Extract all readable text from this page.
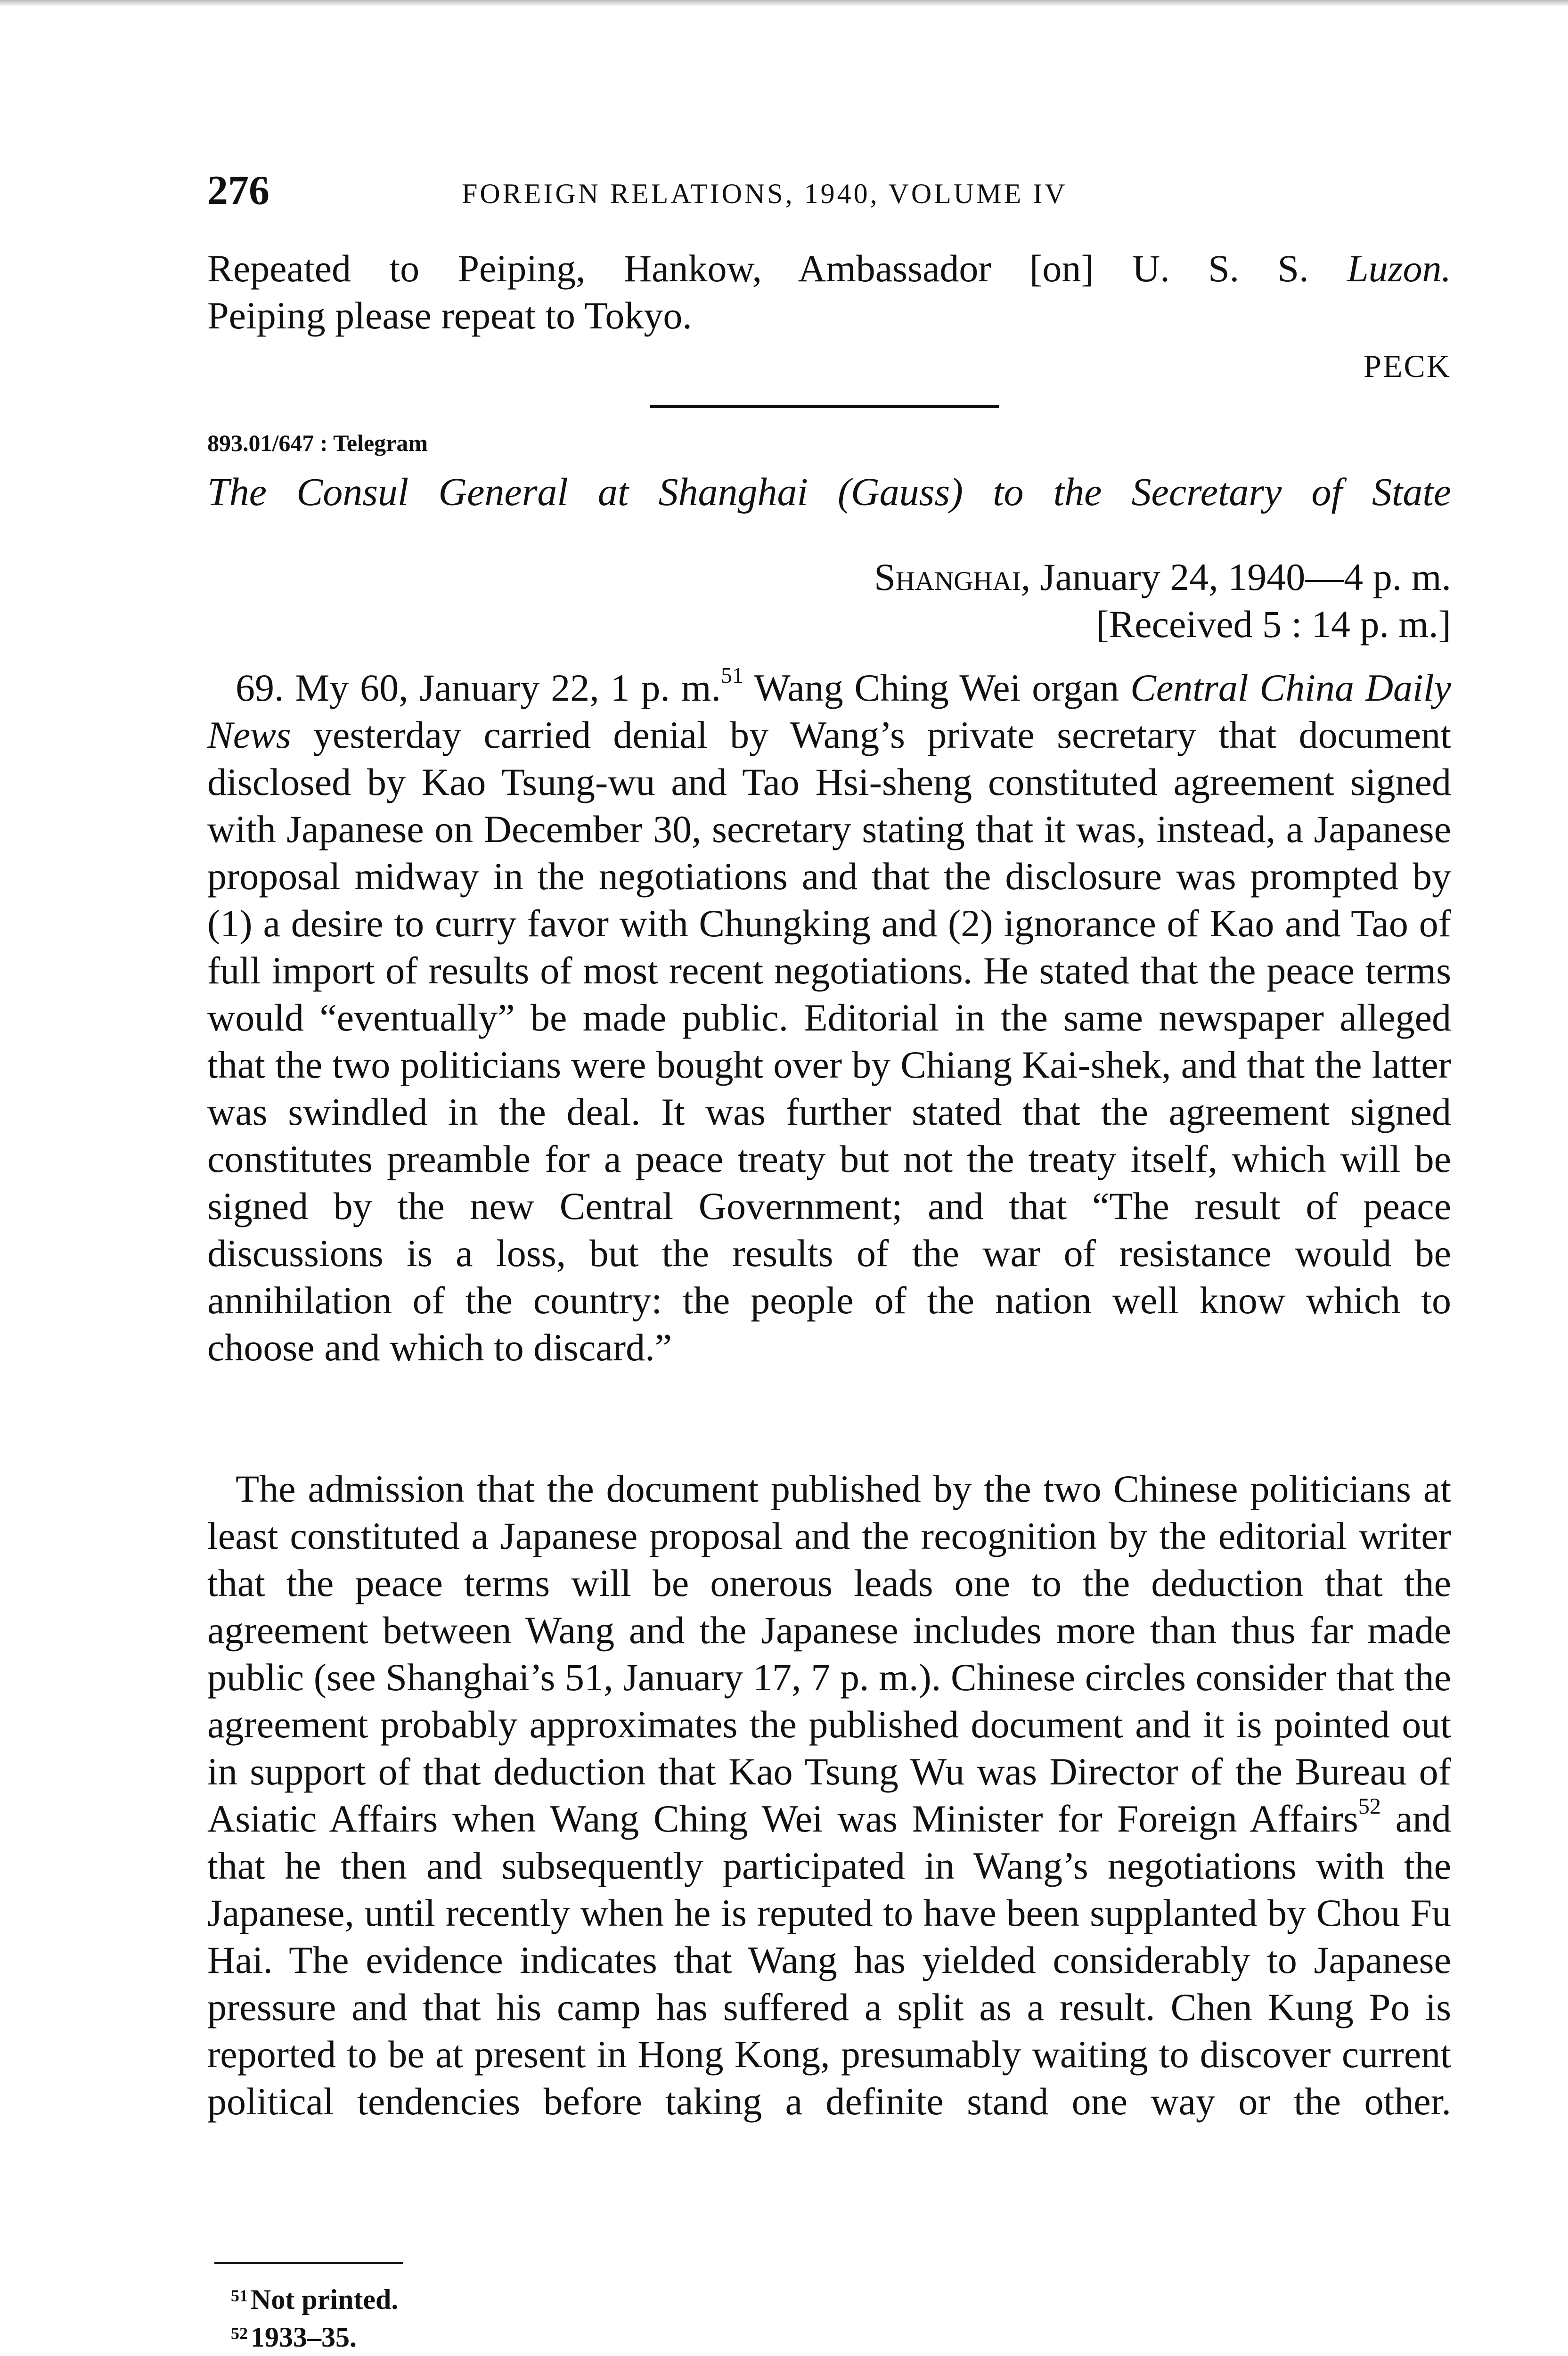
276	FOREIGN RELATIONS, 1940, VOLUME IV
Repeated to Peiping, Hankow, Ambassador [on] U. S. S. Luzon.
Peiping please repeat to Tokyo.
PECK
893.01/647 : Telegram
The Consul General at Shanghai (Gauss) to the Secretary of State
Shanghai, January 24, 1940—4 p. m.
[Received 5 : 14 p. m.]
69. My 60, January 22, 1 p. m.$^{51}$ Wang Ching Wei organ Central China Daily News yesterday carried denial by Wang’s private secretary that document disclosed by Kao Tsung-wu and Tao Hsi-sheng constituted agreement signed with Japanese on December 30, secretary stating that it was, instead, a Japanese proposal midway in the negotiations and that the disclosure was prompted by (1) a desire to curry favor with Chungking and (2) ignorance of Kao and Tao of full import of results of most recent negotiations. He stated that the peace terms would “eventually” be made public. Editorial in the same newspaper alleged that the two politicians were bought over by Chiang Kai-shek, and that the latter was swindled in the deal. It was further stated that the agreement signed constitutes preamble for a peace treaty but not the treaty itself, which will be signed by the new Central Government; and that “The result of peace discussions is a loss, but the results of the war of resistance would be annihilation of the country: the people of the nation well know which to
choose and which to discard.”
The admission that the document published by the two Chinese politicians at least constituted a Japanese proposal and the recognition by the editorial writer that the peace terms will be onerous leads one to the deduction that the agreement between Wang and the Japanese includes more than thus far made public (see Shanghai’s 51, January 17, 7 p. m.). Chinese circles consider that the agreement probably approximates the published document and it is pointed out in support of that deduction that Kao Tsung Wu was Director of the Bureau of Asiatic Affairs when Wang Ching Wei was Minister for Foreign Affairs$^{52}$ and that he then and subsequently participated in Wang’s negotiations with the Japanese, until recently when he is reputed to have been supplanted by Chou Fu Hai. The evidence indicates that Wang has yielded considerably to Japanese pressure and that his camp has suffered a split as a result. Chen Kung Po is reported to be at present in Hong Kong, presumably waiting to discover current political tendencies before taking a definite stand one way or the other.
$^{51}$ Not printed.
$^{52}$ 1933–35.
